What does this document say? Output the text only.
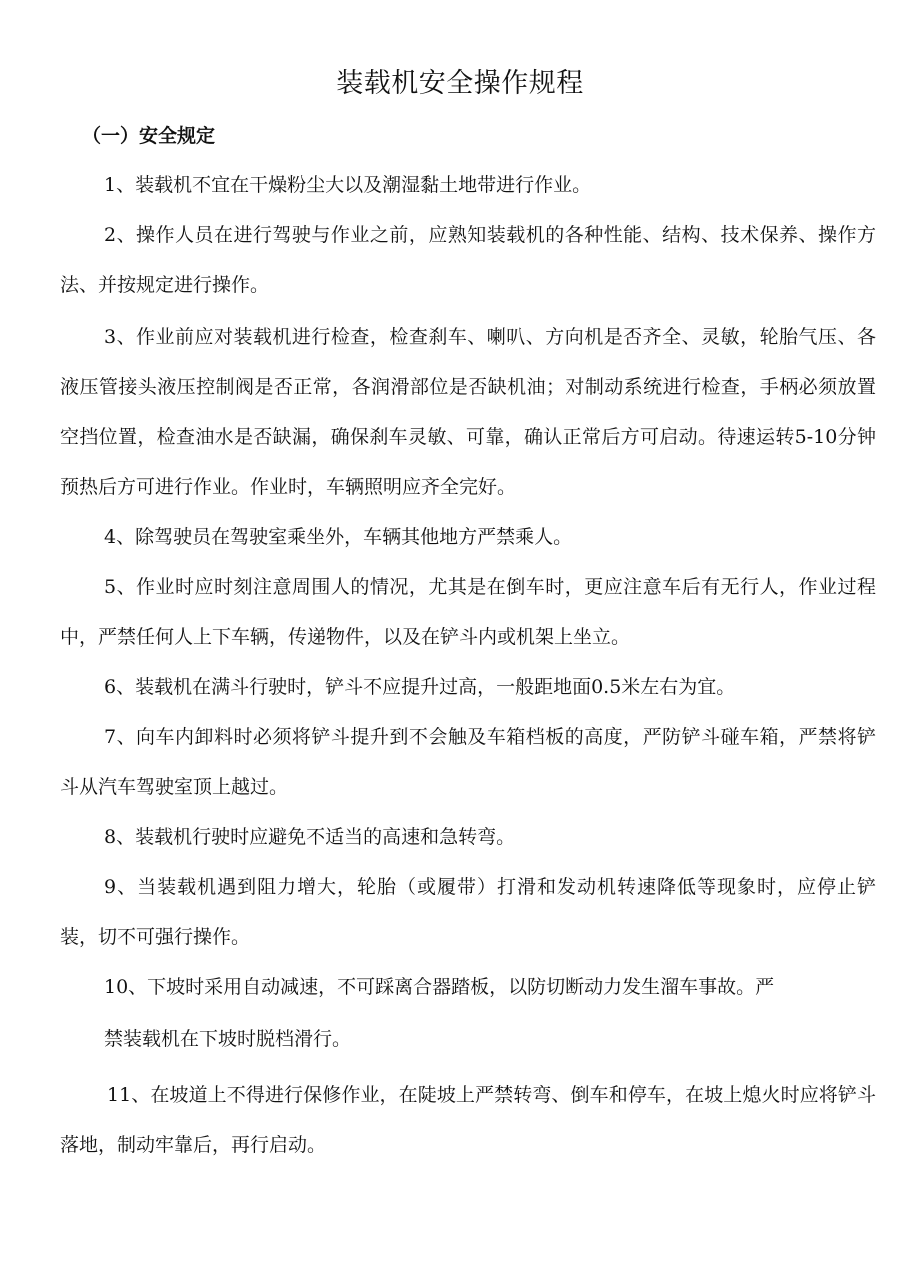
装载机安全操作规程
（一）安全规定

1、装载机不宜在干燥粉尘大以及潮湿黏土地带进行作业。

2、操作人员在进行驾驶与作业之前，应熟知装载机的各种性能、结构、技术保养、操作方法、并按规定进行操作。

3、作业前应对装载机进行检查，检查刹车、喇叭、方向机是否齐全、灵敏，轮胎气压、各液压管接头液压控制阀是否正常，各润滑部位是否缺机油；对制动系统进行检查，手柄必须放置空挡位置，检查油水是否缺漏，确保刹车灵敏、可靠，确认正常后方可启动。待速运转5-10分钟预热后方可进行作业。作业时，车辆照明应齐全完好。

4、除驾驶员在驾驶室乘坐外，车辆其他地方严禁乘人。

5、作业时应时刻注意周围人的情况，尤其是在倒车时，更应注意车后有无行人，作业过程中，严禁任何人上下车辆，传递物件，以及在铲斗内或机架上坐立。

6、装载机在满斗行驶时，铲斗不应提升过高，一般距地面0.5米左右为宜。

7、向车内卸料时必须将铲斗提升到不会触及车箱档板的高度，严防铲斗碰车箱，严禁将铲斗从汽车驾驶室顶上越过。

8、装载机行驶时应避免不适当的高速和急转弯。

9、当装载机遇到阻力增大，轮胎（或履带）打滑和发动机转速降低等现象时，应停止铲装，切不可强行操作。

10、下坡时采用自动减速，不可踩离合器踏板，以防切断动力发生溜车事故。严

禁装载机在下坡时脱档滑行。

11、在坡道上不得进行保修作业，在陡坡上严禁转弯、倒车和停车，在坡上熄火时应将铲斗落地，制动牢靠后，再行启动。
